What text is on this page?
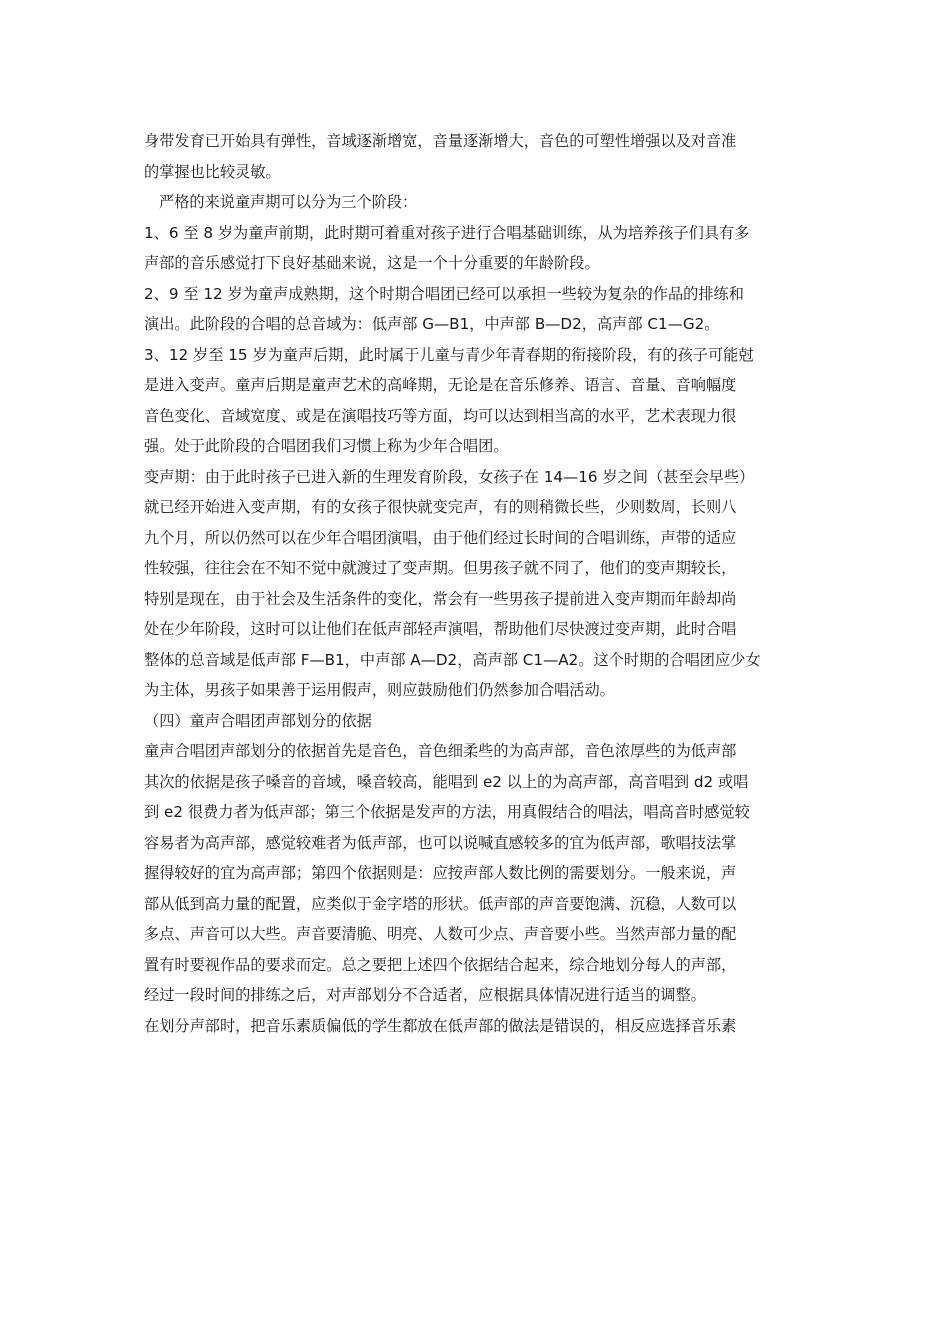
身带发育已开始具有弹性，音域逐渐增宽，音量逐渐增大，音色的可塑性增强以及对音准
的掌握也比较灵敏。
严格的来说童声期可以分为三个阶段：
1、6 至 8 岁为童声前期，此时期可着重对孩子进行合唱基础训练，从为培养孩子们具有多
声部的音乐感觉打下良好基础来说，这是一个十分重要的年龄阶段。
2、9 至 12 岁为童声成熟期，这个时期合唱团已经可以承担一些较为复杂的作品的排练和
演出。此阶段的合唱的总音域为：低声部 G—B1，中声部 B—D2，高声部 C1—G2。
3、12 岁至 15 岁为童声后期，此时属于儿童与青少年青春期的衔接阶段，有的孩子可能尅
是进入变声。童声后期是童声艺术的高峰期，无论是在音乐修养、语言、音量、音响幅度
音色变化、音域宽度、或是在演唱技巧等方面，均可以达到相当高的水平，艺术表现力很
强。处于此阶段的合唱团我们习惯上称为少年合唱团。
变声期：由于此时孩子已进入新的生理发育阶段，女孩子在 14—16 岁之间（甚至会早些）
就已经开始进入变声期，有的女孩子很快就变完声，有的则稍微长些，少则数周，长则八
九个月，所以仍然可以在少年合唱团演唱，由于他们经过长时间的合唱训练，声带的适应
性较强，往往会在不知不觉中就渡过了变声期。但男孩子就不同了，他们的变声期较长，
特别是现在，由于社会及生活条件的变化，常会有一些男孩子提前进入变声期而年龄却尚
处在少年阶段，这时可以让他们在低声部轻声演唱，帮助他们尽快渡过变声期，此时合唱
整体的总音域是低声部 F—B1，中声部 A—D2，高声部 C1—A2。这个时期的合唱团应少女
为主体，男孩子如果善于运用假声，则应鼓励他们仍然参加合唱活动。
（四）童声合唱团声部划分的依据
童声合唱团声部划分的依据首先是音色，音色细柔些的为高声部，音色浓厚些的为低声部
其次的依据是孩子嗓音的音域，嗓音较高，能唱到 e2 以上的为高声部，高音唱到 d2 或唱
到 e2 很费力者为低声部；第三个依据是发声的方法，用真假结合的唱法，唱高音时感觉较
容易者为高声部，感觉较难者为低声部，也可以说喊直感较多的宜为低声部，歌唱技法掌
握得较好的宜为高声部；第四个依据则是：应按声部人数比例的需要划分。一般来说，声
部从低到高力量的配置，应类似于金字塔的形状。低声部的声音要饱满、沉稳，人数可以
多点、声音可以大些。声音要清脆、明亮、人数可少点、声音要小些。当然声部力量的配
置有时要视作品的要求而定。总之要把上述四个依据结合起来，综合地划分每人的声部，
经过一段时间的排练之后，对声部划分不合适者，应根据具体情况进行适当的调整。
在划分声部时，把音乐素质偏低的学生都放在低声部的做法是错误的，相反应选择音乐素
